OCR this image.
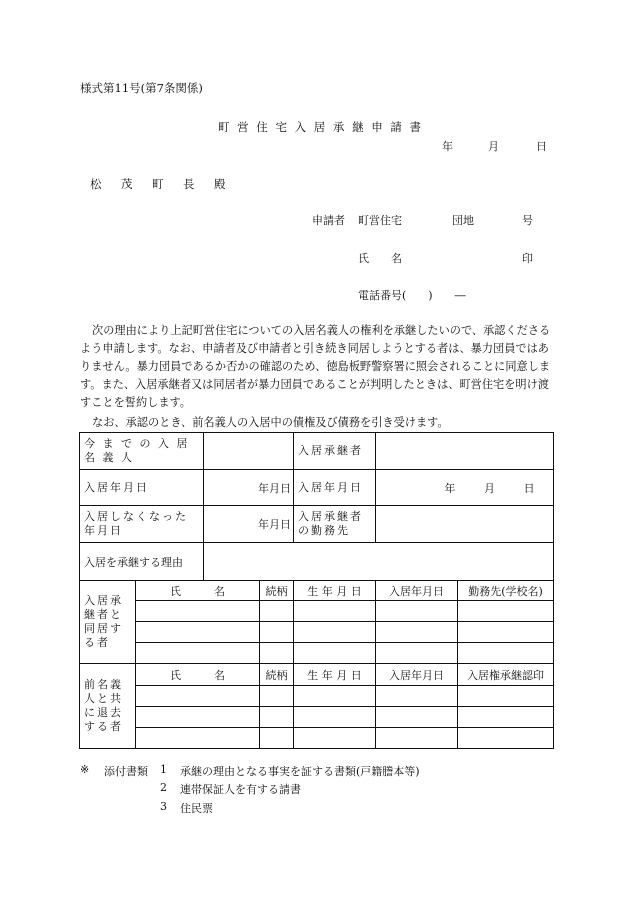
様式第11号(第7条関係)
町 営 住 宅 入 居 承 継 申 請 書
年	月	日
松　茂　町　長　殿
申請者 町営住宅	団地	号
氏　　名	印
電話番号(　　)　　―
次の理由により上記町営住宅についての入居名義人の権利を承継したいので、承認くださるよう申請します。なお、申請者及び申請者と引き続き同居しようとする者は、暴力団員ではありません。暴力団員であるか否かの確認のため、徳島板野警察署に照会されることに同意します。また、入居承継者又は同居者が暴力団員であることが判明したときは、町営住宅を明け渡すことを誓約します。
なお、承認のとき、前名義人の入居中の債権及び債務を引き受けます。
今 ま で の 入 居 名 義 人				入居承継者		
入居年月日		年 月 日		入居年月日	年 月 日	

入居しなくなった年月日		年 月 日		入居承継者の勤務先		
入居を承継する理由						
入居承継者と同居する者	氏　　　名		続柄	生 年 月 日	入居年月日	勤務先(学校名)

前名義人と共に退去する者	氏　　　名		続柄	生 年 月 日	入居年月日	入居権承継認印

※ 添付書類 1 承継の理由となる事実を証する書類(戸籍謄本等)
2 連帯保証人を有する請書
3 住民票
